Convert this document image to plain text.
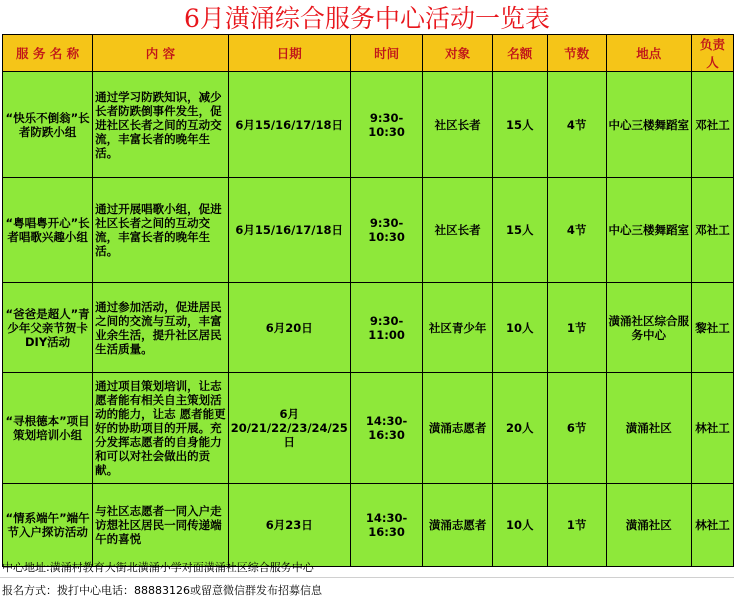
6月潢涌综合服务中心活动一览表
服 务 名 称	内 容	日期	时间	对象	名额	节数	地点	负责人
“快乐不倒翁”长者防跌小组	通过学习防跌知识，减少长者防跌倒事件发生，促进社区长者之间的互动交流，丰富长者的晚年生活。	6月15/16/17/18日	9:30-10:30	社区长者	15人	4节	中心三楼舞蹈室	邓社工
“粤唱粤开心”长者唱歌兴趣小组	通过开展唱歌小组，促进社区长者之间的互动交流，丰富长者的晚年生活。	6月15/16/17/18日	9:30-10:30	社区长者	15人	4节	中心三楼舞蹈室	邓社工
“爸爸是超人”青少年父亲节贺卡DIY活动	通过参加活动，促进居民之间的交流与互动，丰富业余生活，提升社区居民生活质量。	6月20日	9:30-11:00	社区青少年	10人	1节	潢涌社区综合服务中心	黎社工
“寻根德本”项目策划培训小组	通过项目策划培训，让志愿者能有相关自主策划活动的能力，让志 愿者能更好的协助项目的开展。充分发挥志愿者的自身能力和可以对社会做出的贡献。	6月20/21/22/23/24/25日	14:30-16:30	潢涌志愿者	20人	6节	潢涌社区	林社工
“情系端午”端午节入户探访活动	与社区志愿者一同入户走访想社区居民一同传递端午的喜悦	6月23日	14:30-16:30	潢涌志愿者	10人	1节	潢涌社区	林社工
中心地址:潢涌村教育大街北潢涌小学对面潢涌社区综合服务中心
报名方式：拨打中心电话：88883126或留意微信群发布招募信息
